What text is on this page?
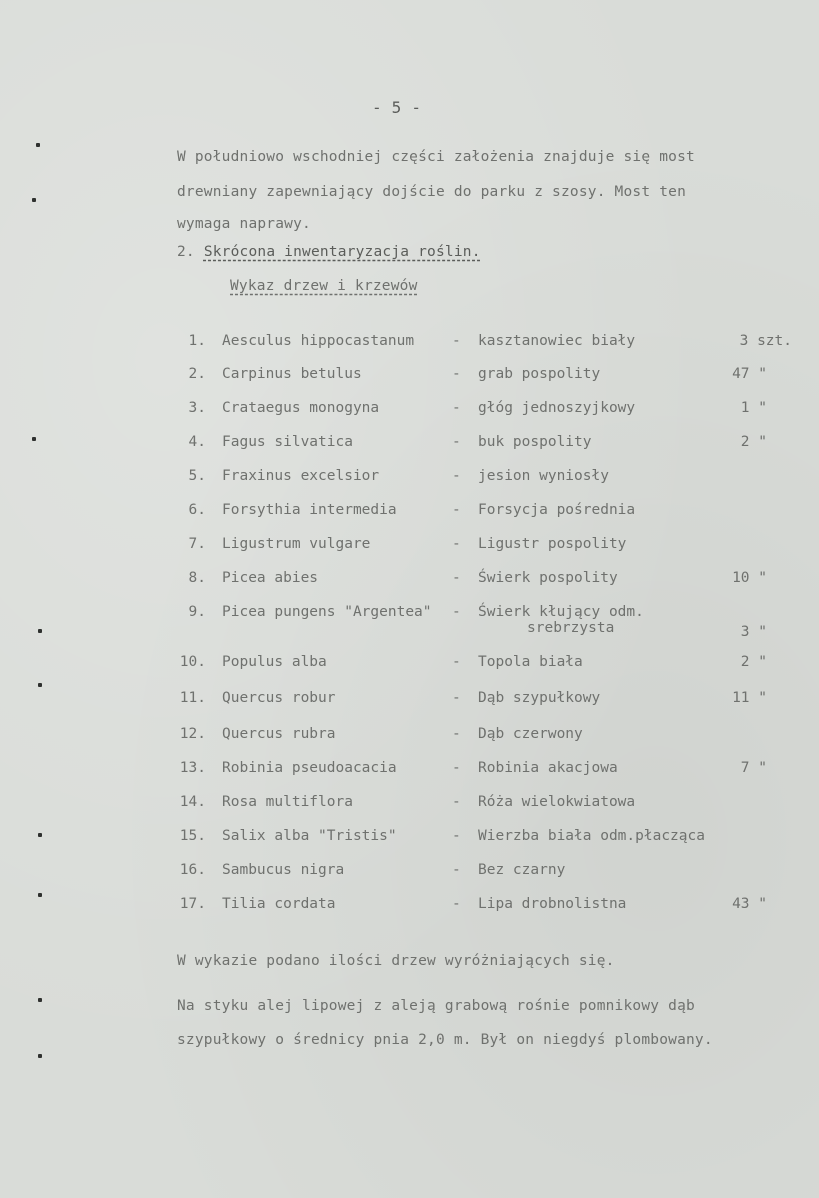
- 5 -
W południowo wschodniej części założenia znajduje się most
drewniany zapewniający dojście do parku z szosy. Most ten
wymaga naprawy.
2. Skrócona inwentaryzacja roślin.
Wykaz drzew i krzewów
1. Aesculus hippocastanum	- kasztanowiec biały	3 szt.
2. Carpinus betulus	- grab pospolity	47 "
3. Crataegus monogyna	- głóg jednoszyjkowy	1 "
4. Fagus silvatica	- buk pospolity	2 "
5. Fraxinus excelsior	- jesion wyniosły
6. Forsythia intermedia	- Forsycja pośrednia
7. Ligustrum vulgare	- Ligustr pospolity
8. Picea abies	- Świerk pospolity	10 "
9. Picea pungens "Argentea" - Świerk kłujący odm.
srebrzysta	3 "
10. Populus alba	- Topola biała	2 "
11. Quercus robur	- Dąb szypułkowy	11 "
12. Quercus rubra	- Dąb czerwony
13. Robinia pseudoacacia	- Robinia akacjowa	7 "
14. Rosa multiflora	- Róża wielokwiatowa
15. Salix alba "Tristis"	- Wierzba biała odm.płacząca
16. Sambucus nigra	- Bez czarny
17. Tilia cordata	- Lipa drobnolistna	43 "
W wykazie podano ilości drzew wyróżniających się.
Na styku alej lipowej z aleją grabową rośnie pomnikowy dąb
szypułkowy o średnicy pnia 2,0 m. Był on niegdyś plombowany.
